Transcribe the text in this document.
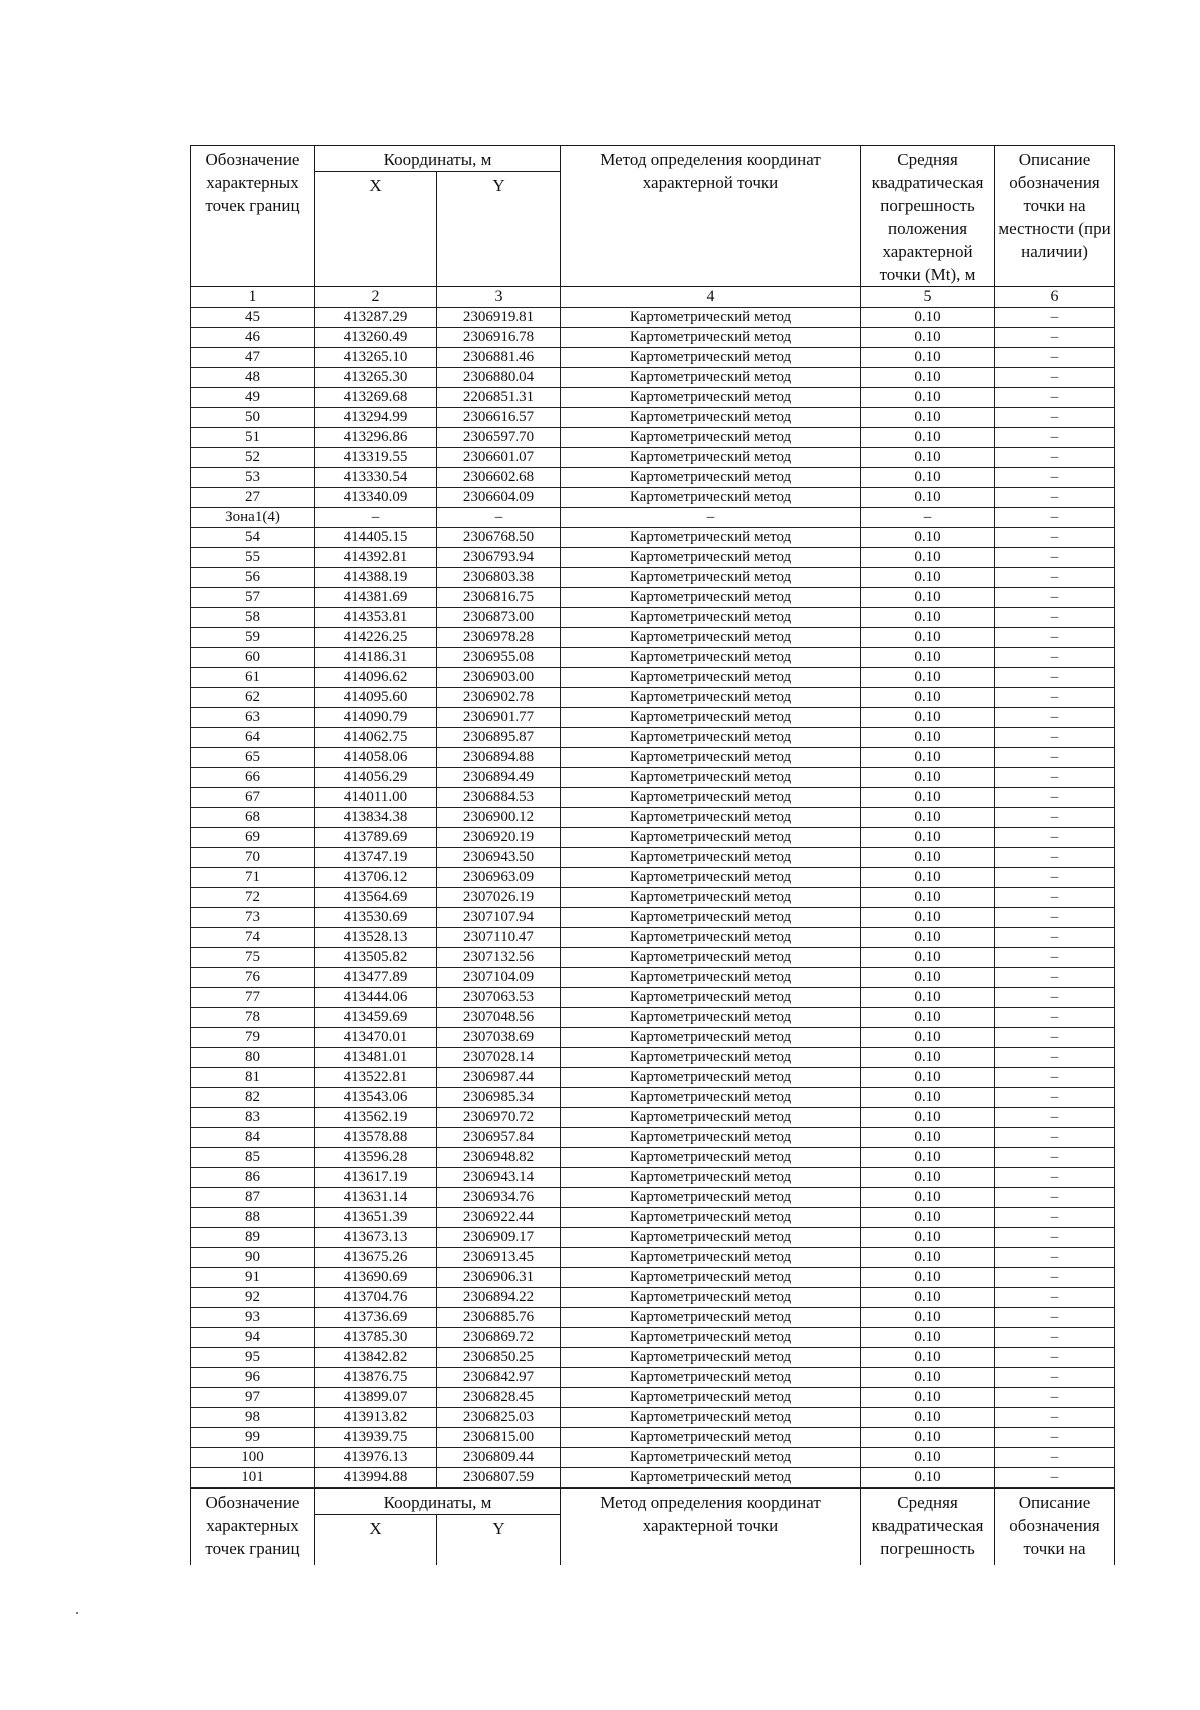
Обозначение характерных точек границ	Координаты, м		Метод определения координат характерной точки	Средняя квадратическая погрешность положения характерной точки (Mt), м	Описание обозначения точки на местности (при наличии)
	X	Y			
1	2	3	4	5	6
45	413287.29	2306919.81	Картометрический метод	0.10	–
46	413260.49	2306916.78	Картометрический метод	0.10	–
47	413265.10	2306881.46	Картометрический метод	0.10	–
48	413265.30	2306880.04	Картометрический метод	0.10	–
49	413269.68	2206851.31	Картометрический метод	0.10	–
50	413294.99	2306616.57	Картометрический метод	0.10	–
51	413296.86	2306597.70	Картометрический метод	0.10	–
52	413319.55	2306601.07	Картометрический метод	0.10	–
53	413330.54	2306602.68	Картометрический метод	0.10	–
27	413340.09	2306604.09	Картометрический метод	0.10	–
Зона1(4)	–	–	–	–	–
54	414405.15	2306768.50	Картометрический метод	0.10	–
55	414392.81	2306793.94	Картометрический метод	0.10	–
56	414388.19	2306803.38	Картометрический метод	0.10	–
57	414381.69	2306816.75	Картометрический метод	0.10	–
58	414353.81	2306873.00	Картометрический метод	0.10	–
59	414226.25	2306978.28	Картометрический метод	0.10	–
60	414186.31	2306955.08	Картометрический метод	0.10	–
61	414096.62	2306903.00	Картометрический метод	0.10	–
62	414095.60	2306902.78	Картометрический метод	0.10	–
63	414090.79	2306901.77	Картометрический метод	0.10	–
64	414062.75	2306895.87	Картометрический метод	0.10	–
65	414058.06	2306894.88	Картометрический метод	0.10	–
66	414056.29	2306894.49	Картометрический метод	0.10	–
67	414011.00	2306884.53	Картометрический метод	0.10	–
68	413834.38	2306900.12	Картометрический метод	0.10	–
69	413789.69	2306920.19	Картометрический метод	0.10	–
70	413747.19	2306943.50	Картометрический метод	0.10	–
71	413706.12	2306963.09	Картометрический метод	0.10	–
72	413564.69	2307026.19	Картометрический метод	0.10	–
73	413530.69	2307107.94	Картометрический метод	0.10	–
74	413528.13	2307110.47	Картометрический метод	0.10	–
75	413505.82	2307132.56	Картометрический метод	0.10	–
76	413477.89	2307104.09	Картометрический метод	0.10	–
77	413444.06	2307063.53	Картометрический метод	0.10	–
78	413459.69	2307048.56	Картометрический метод	0.10	–
79	413470.01	2307038.69	Картометрический метод	0.10	–
80	413481.01	2307028.14	Картометрический метод	0.10	–
81	413522.81	2306987.44	Картометрический метод	0.10	–
82	413543.06	2306985.34	Картометрический метод	0.10	–
83	413562.19	2306970.72	Картометрический метод	0.10	–
84	413578.88	2306957.84	Картометрический метод	0.10	–
85	413596.28	2306948.82	Картометрический метод	0.10	–
86	413617.19	2306943.14	Картометрический метод	0.10	–
87	413631.14	2306934.76	Картометрический метод	0.10	–
88	413651.39	2306922.44	Картометрический метод	0.10	–
89	413673.13	2306909.17	Картометрический метод	0.10	–
90	413675.26	2306913.45	Картометрический метод	0.10	–
91	413690.69	2306906.31	Картометрический метод	0.10	–
92	413704.76	2306894.22	Картометрический метод	0.10	–
93	413736.69	2306885.76	Картометрический метод	0.10	–
94	413785.30	2306869.72	Картометрический метод	0.10	–
95	413842.82	2306850.25	Картометрический метод	0.10	–
96	413876.75	2306842.97	Картометрический метод	0.10	–
97	413899.07	2306828.45	Картометрический метод	0.10	–
98	413913.82	2306825.03	Картометрический метод	0.10	–
99	413939.75	2306815.00	Картометрический метод	0.10	–
100	413976.13	2306809.44	Картометрический метод	0.10	–
101	413994.88	2306807.59	Картометрический метод	0.10	–
Обозначение характерных точек границ	Координаты, м		Метод определения координат характерной точки	Средняя квадратическая погрешность	Описание обозначения точки на
	X	Y			
